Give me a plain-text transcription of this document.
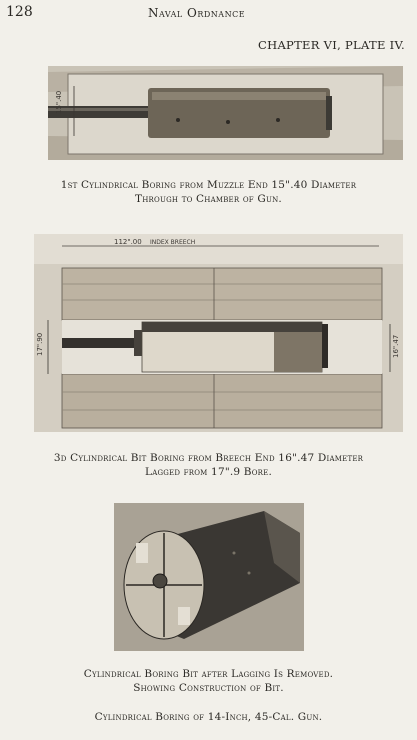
128	Naval Ordnance
CHAPTER VI, PLATE IV.
15".40
1st Cylindrical Boring from Muzzle End 15".40 Diameter
Through to Chamber of Gun.
112".00 INDEX BREECH
17".90	16".47
3d Cylindrical Bit Boring from Breech End 16".47 Diameter
Lagged from 17".9 Bore.
Cylindrical Boring Bit after Lagging Is Removed.
Showing Construction of Bit.
Cylindrical Boring of 14-Inch, 45-Cal. Gun.
